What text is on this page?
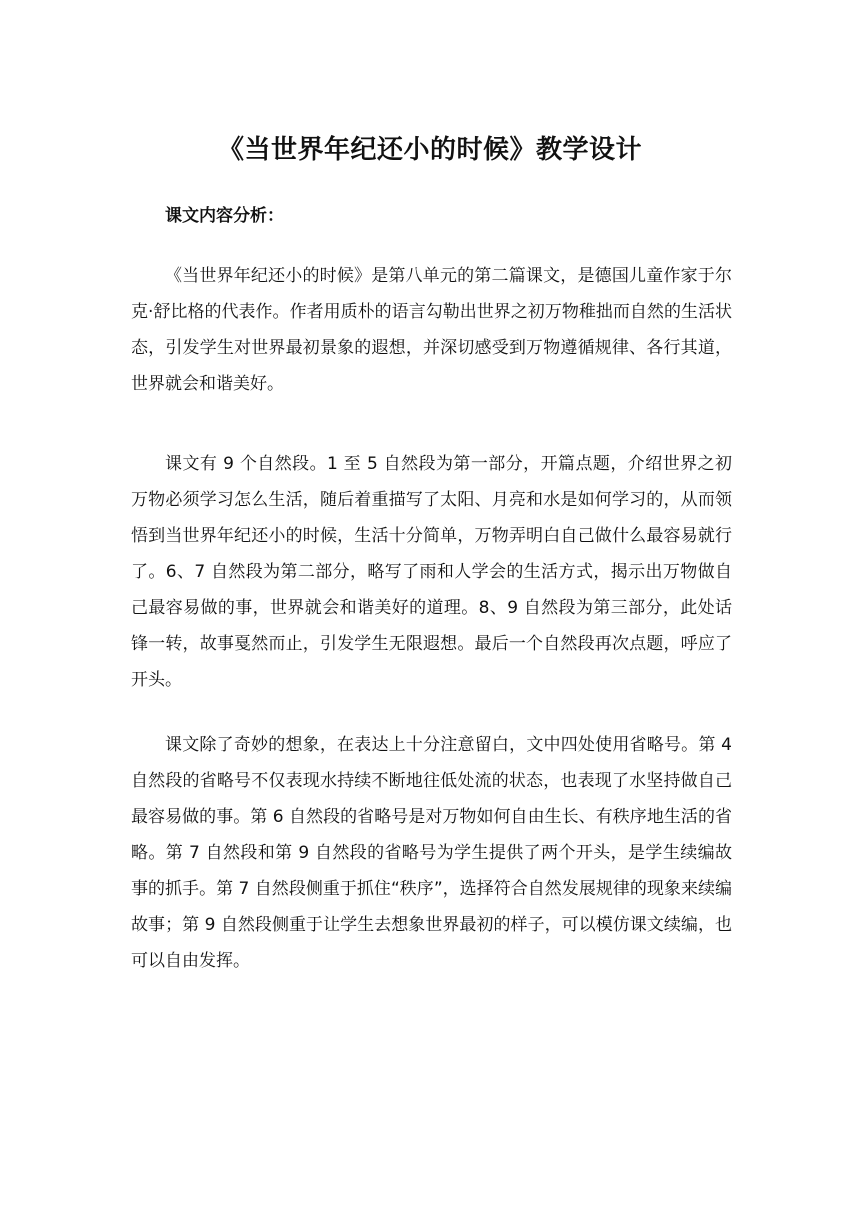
《当世界年纪还小的时候》教学设计
课文内容分析：

《当世界年纪还小的时候》是第八单元的第二篇课文，是德国儿童作家于尔克·舒比格的代表作。作者用质朴的语言勾勒出世界之初万物稚拙而自然的生活状态，引发学生对世界最初景象的遐想，并深切感受到万物遵循规律、各行其道，世界就会和谐美好。

课文有 9 个自然段。1 至 5 自然段为第一部分，开篇点题，介绍世界之初万物必须学习怎么生活，随后着重描写了太阳、月亮和水是如何学习的，从而领悟到当世界年纪还小的时候，生活十分简单，万物弄明白自己做什么最容易就行了。6、7 自然段为第二部分，略写了雨和人学会的生活方式，揭示出万物做自己最容易做的事，世界就会和谐美好的道理。8、9 自然段为第三部分，此处话锋一转，故事戛然而止，引发学生无限遐想。最后一个自然段再次点题，呼应了开头。

课文除了奇妙的想象，在表达上十分注意留白，文中四处使用省略号。第 4 自然段的省略号不仅表现水持续不断地往低处流的状态，也表现了水坚持做自己最容易做的事。第 6 自然段的省略号是对万物如何自由生长、有秩序地生活的省略。第 7 自然段和第 9 自然段的省略号为学生提供了两个开头，是学生续编故事的抓手。第 7 自然段侧重于抓住“秩序”，选择符合自然发展规律的现象来续编故事；第 9 自然段侧重于让学生去想象世界最初的样子，可以模仿课文续编，也可以自由发挥。
